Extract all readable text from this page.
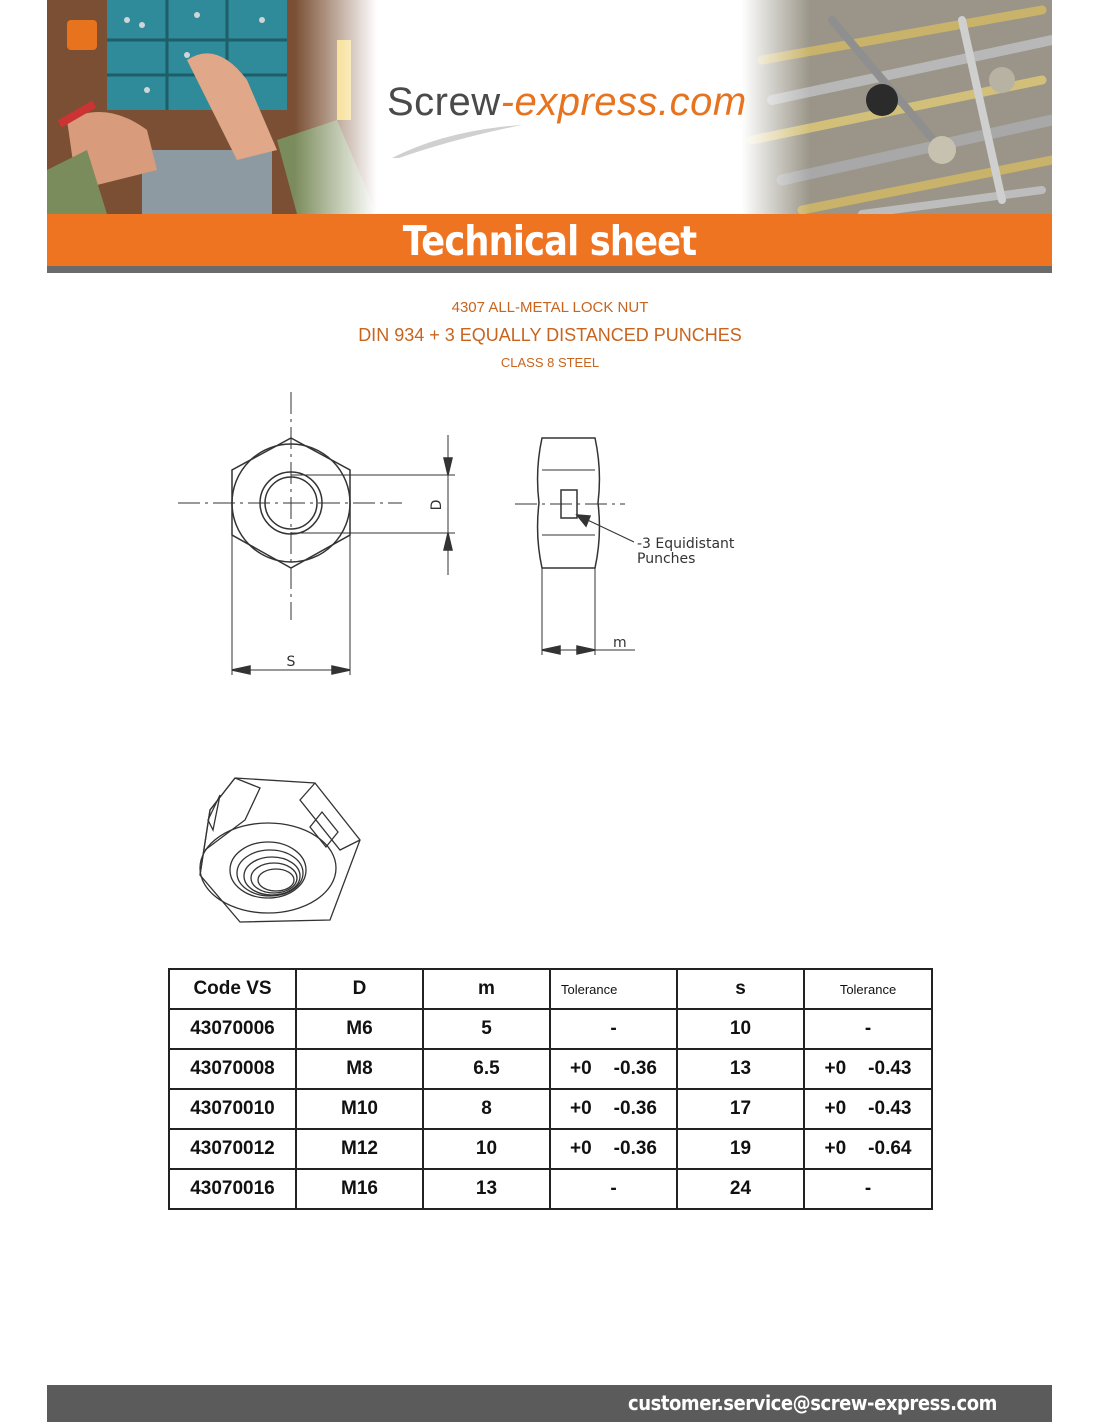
Screw-express.com
Technical sheet
4307 ALL-METAL LOCK NUT
DIN 934 + 3 EQUALLY DISTANCED PUNCHES
CLASS 8 STEEL
D
S
-3 Equidistant
Punches
m
Code VS	D	m	Tolerance	s	Tolerance
43070006	M6	5	-	10	-

43070008	M8	6.5	+0 -0.36	13	+0 -0.43

43070010	M10	8	+0 -0.36	17	+0 -0.43

43070012	M12	10	+0 -0.36	19	+0 -0.64

43070016	M16	13	-	24	-
customer.service@screw-express.com
